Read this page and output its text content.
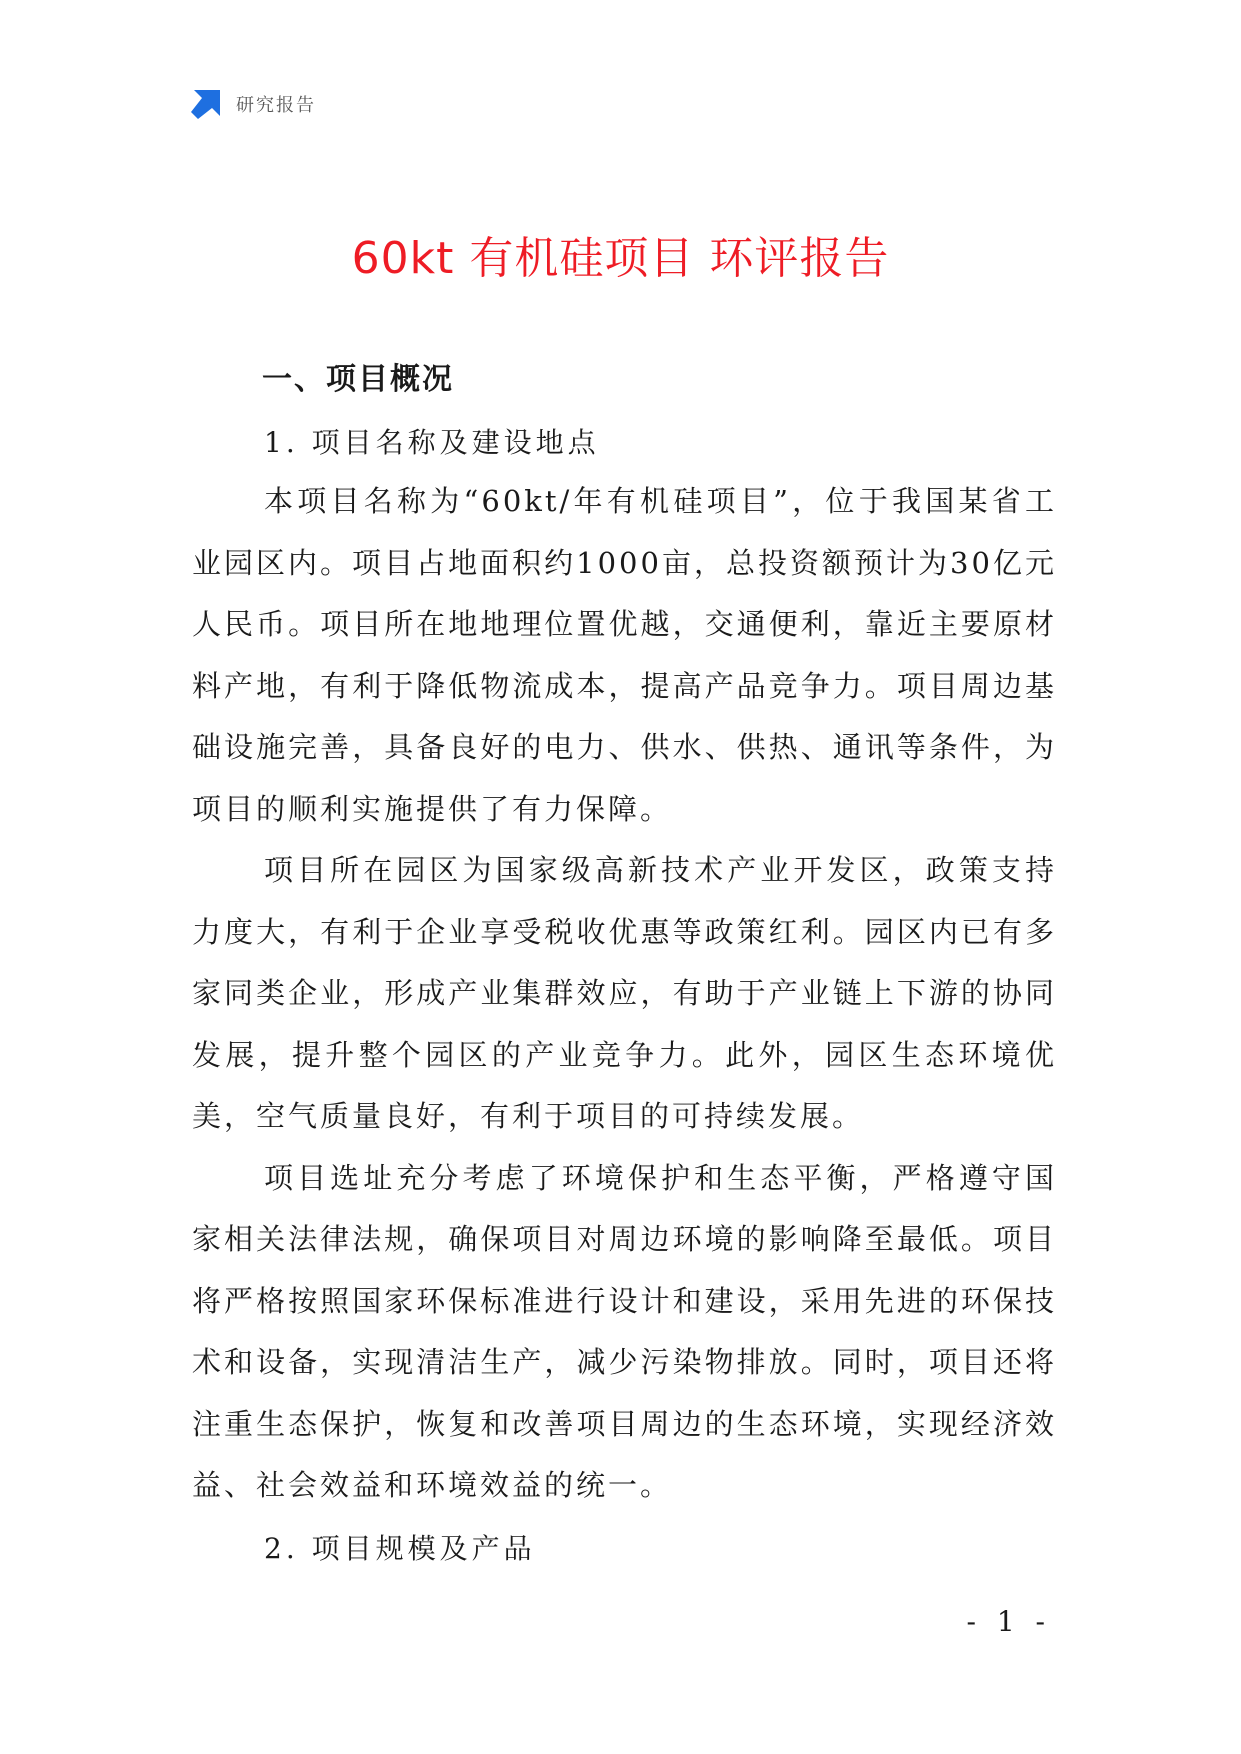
研究报告
60kt 有机硅项目 环评报告
一、项目概况
1. 项目名称及建设地点

本项目名称为“60kt/年有机硅项目”，位于我国某省工业园区内。项目占地面积约1000亩，总投资额预计为30亿元人民币。项目所在地地理位置优越，交通便利，靠近主要原材料产地，有利于降低物流成本，提高产品竞争力。项目周边基础设施完善，具备良好的电力、供水、供热、通讯等条件，为项目的顺利实施提供了有力保障。

项目所在园区为国家级高新技术产业开发区，政策支持力度大，有利于企业享受税收优惠等政策红利。园区内已有多家同类企业，形成产业集群效应，有助于产业链上下游的协同发展，提升整个园区的产业竞争力。此外，园区生态环境优美，空气质量良好，有利于项目的可持续发展。

项目选址充分考虑了环境保护和生态平衡，严格遵守国家相关法律法规，确保项目对周边环境的影响降至最低。项目将严格按照国家环保标准进行设计和建设，采用先进的环保技术和设备，实现清洁生产，减少污染物排放。同时，项目还将注重生态保护，恢复和改善项目周边的生态环境，实现经济效益、社会效益和环境效益的统一。

2. 项目规模及产品
- 1 -
